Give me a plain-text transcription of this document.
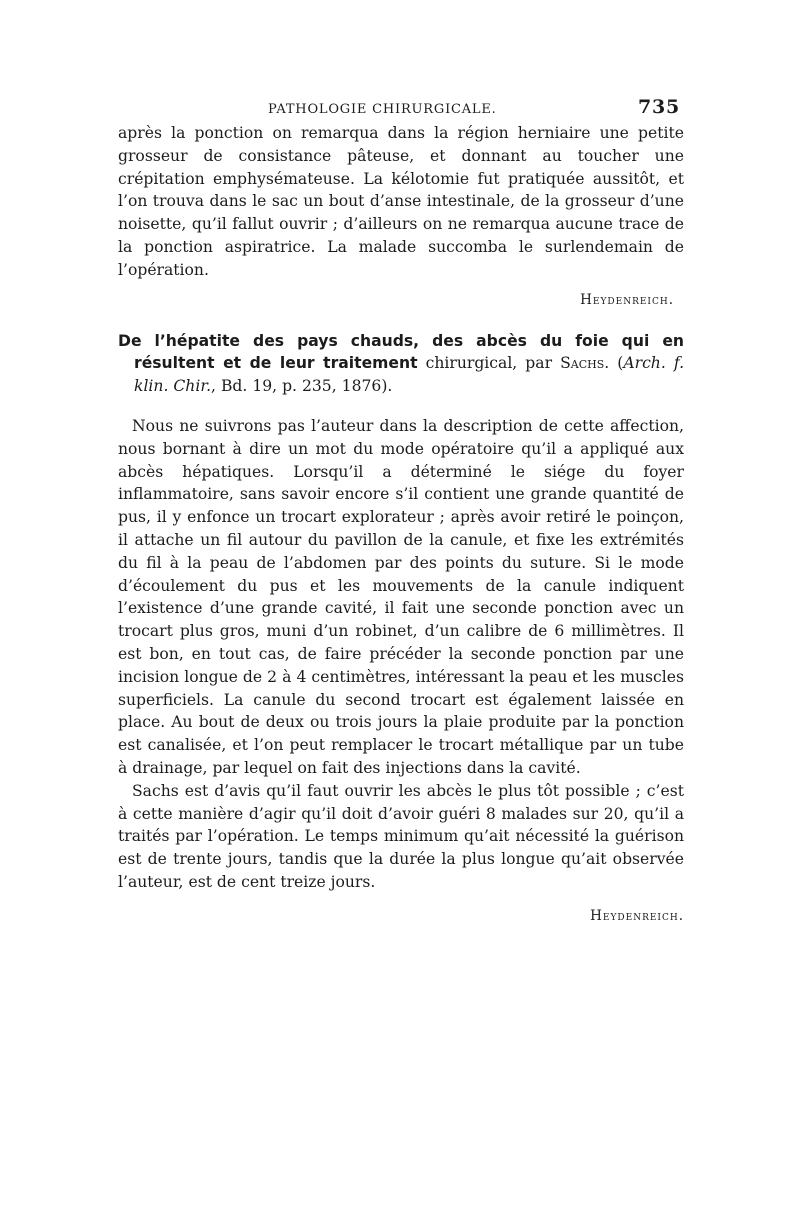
PATHOLOGIE CHIRURGICALE.	735

après la ponction on remarqua dans la région herniaire une petite grosseur de consistance pâteuse, et donnant au toucher une crépitation emphysémateuse. La kélotomie fut pratiquée aussitôt, et l’on trouva dans le sac un bout d’anse intestinale, de la grosseur d’une noisette, qu’il fallut ouvrir ; d’ailleurs on ne remarqua aucune trace de la ponction aspiratrice. La malade succomba le surlendemain de l’opération.

Heydenreich.

De l’hépatite des pays chauds, des abcès du foie qui en résultent et de leur traitement chirurgical, par Sachs. (Arch. f. klin. Chir., Bd. 19, p. 235, 1876).

Nous ne suivrons pas l’auteur dans la description de cette affection, nous bornant à dire un mot du mode opératoire qu’il a appliqué aux abcès hépatiques. Lorsqu’il a déterminé le siége du foyer inflammatoire, sans savoir encore s’il contient une grande quantité de pus, il y enfonce un trocart explorateur ; après avoir retiré le poinçon, il attache un fil autour du pavillon de la canule, et fixe les extrémités du fil à la peau de l’abdomen par des points du suture. Si le mode d’écoulement du pus et les mouvements de la canule indiquent l’existence d’une grande cavité, il fait une seconde ponction avec un trocart plus gros, muni d’un robinet, d’un calibre de 6 millimètres. Il est bon, en tout cas, de faire précéder la seconde ponction par une incision longue de 2 à 4 centimètres, intéressant la peau et les muscles superficiels. La canule du second trocart est également laissée en place. Au bout de deux ou trois jours la plaie produite par la ponction est canalisée, et l’on peut remplacer le trocart métallique par un tube à drainage, par lequel on fait des injections dans la cavité.

Sachs est d’avis qu’il faut ouvrir les abcès le plus tôt possible ; c’est à cette manière d’agir qu’il doit d’avoir guéri 8 malades sur 20, qu’il a traités par l’opération. Le temps minimum qu’ait nécessité la guérison est de trente jours, tandis que la durée la plus longue qu’ait observée l’auteur, est de cent treize jours.

Heydenreich.
